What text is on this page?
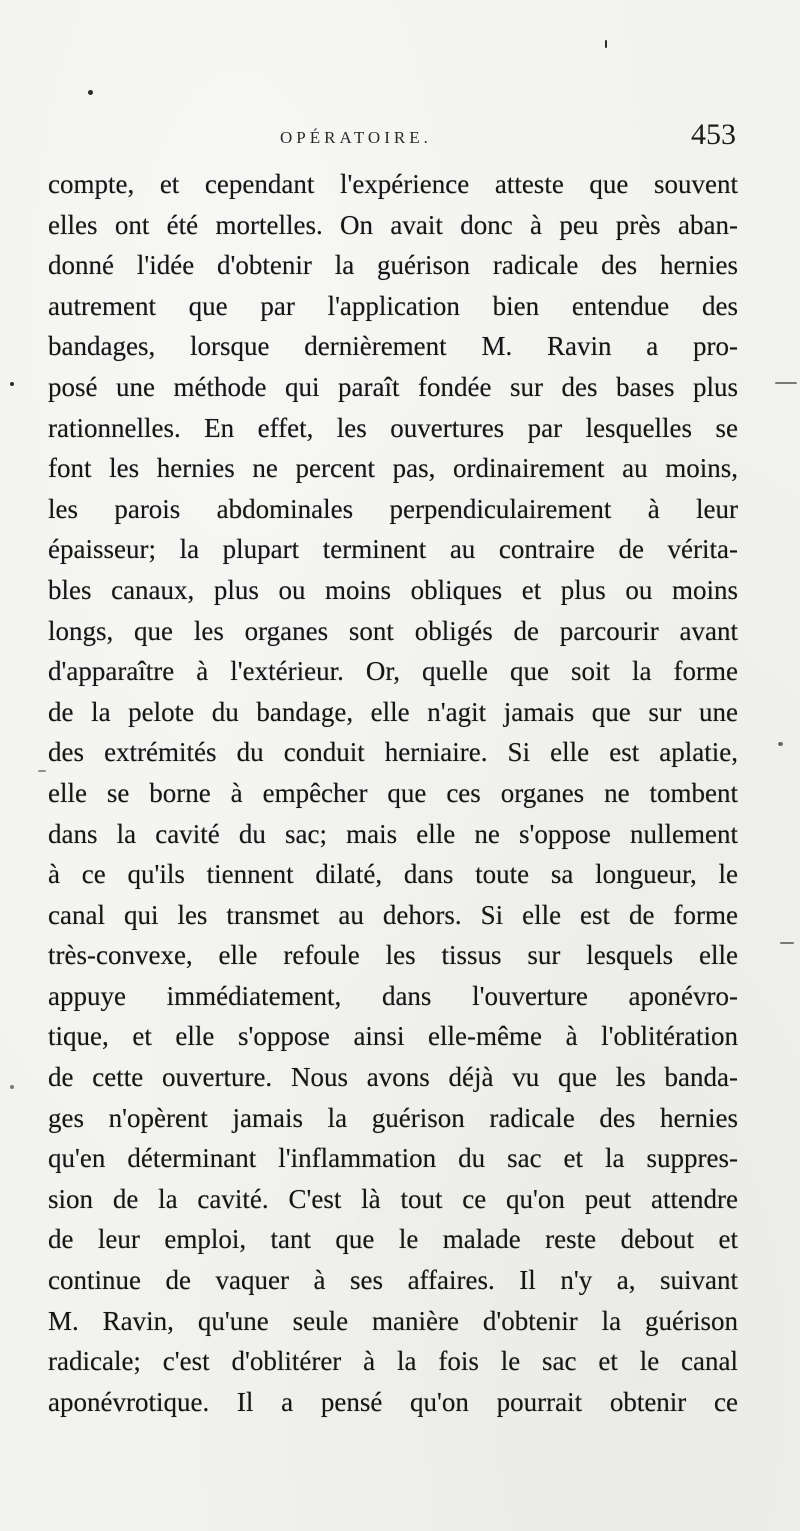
OPÉRATOIRE.	453
compte, et cependant l'expérience atteste que souvent
elles ont été mortelles. On avait donc à peu près aban-
donné l'idée d'obtenir la guérison radicale des hernies
autrement que par l'application bien entendue des
bandages, lorsque dernièrement M. Ravin a pro-
posé une méthode qui paraît fondée sur des bases plus
rationnelles. En effet, les ouvertures par lesquelles se
font les hernies ne percent pas, ordinairement au moins,
les parois abdominales perpendiculairement à leur
épaisseur; la plupart terminent au contraire de vérita-
bles canaux, plus ou moins obliques et plus ou moins
longs, que les organes sont obligés de parcourir avant
d'apparaître à l'extérieur. Or, quelle que soit la forme
de la pelote du bandage, elle n'agit jamais que sur une
des extrémités du conduit herniaire. Si elle est aplatie,
elle se borne à empêcher que ces organes ne tombent
dans la cavité du sac; mais elle ne s'oppose nullement
à ce qu'ils tiennent dilaté, dans toute sa longueur, le
canal qui les transmet au dehors. Si elle est de forme
très-convexe, elle refoule les tissus sur lesquels elle
appuye immédiatement, dans l'ouverture aponévro-
tique, et elle s'oppose ainsi elle-même à l'oblitération
de cette ouverture. Nous avons déjà vu que les banda-
ges n'opèrent jamais la guérison radicale des hernies
qu'en déterminant l'inflammation du sac et la suppres-
sion de la cavité. C'est là tout ce qu'on peut attendre
de leur emploi, tant que le malade reste debout et
continue de vaquer à ses affaires. Il n'y a, suivant
M. Ravin, qu'une seule manière d'obtenir la guérison
radicale; c'est d'oblitérer à la fois le sac et le canal
aponévrotique. Il a pensé qu'on pourrait obtenir ce
